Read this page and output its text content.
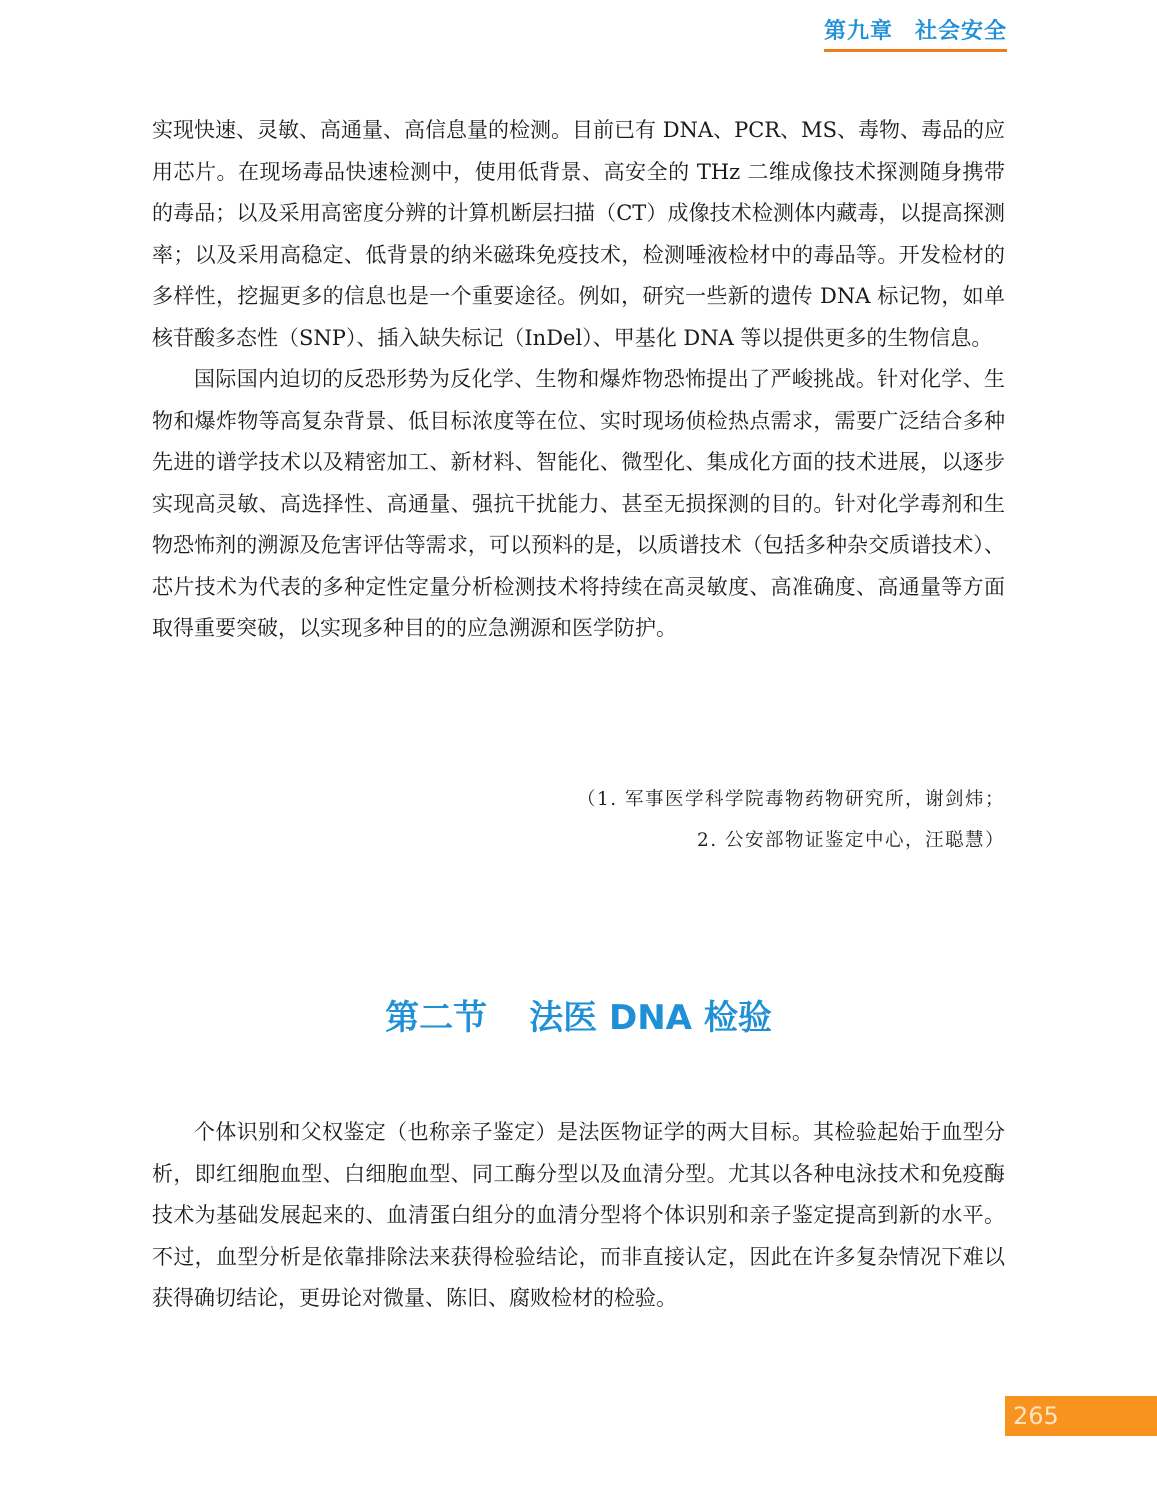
第九章 社会安全

实现快速、灵敏、高通量、高信息量的检测。目前已有 DNA、PCR、MS、毒物、毒品的应用芯片。在现场毒品快速检测中，使用低背景、高安全的 THz 二维成像技术探测随身携带的毒品；以及采用高密度分辨的计算机断层扫描（CT）成像技术检测体内藏毒，以提高探测率；以及采用高稳定、低背景的纳米磁珠免疫技术，检测唾液检材中的毒品等。开发检材的多样性，挖掘更多的信息也是一个重要途径。例如，研究一些新的遗传 DNA 标记物，如单核苷酸多态性（SNP）、插入缺失标记（InDel）、甲基化 DNA 等以提供更多的生物信息。

国际国内迫切的反恐形势为反化学、生物和爆炸物恐怖提出了严峻挑战。针对化学、生物和爆炸物等高复杂背景、低目标浓度等在位、实时现场侦检热点需求，需要广泛结合多种先进的谱学技术以及精密加工、新材料、智能化、微型化、集成化方面的技术进展，以逐步实现高灵敏、高选择性、高通量、强抗干扰能力、甚至无损探测的目的。针对化学毒剂和生物恐怖剂的溯源及危害评估等需求，可以预料的是，以质谱技术（包括多种杂交质谱技术）、芯片技术为代表的多种定性定量分析检测技术将持续在高灵敏度、高准确度、高通量等方面取得重要突破，以实现多种目的的应急溯源和医学防护。

（1. 军事医学科学院毒物药物研究所，谢剑炜；
2. 公安部物证鉴定中心，汪聪慧）
第二节 法医 DNA 检验

个体识别和父权鉴定（也称亲子鉴定）是法医物证学的两大目标。其检验起始于血型分析，即红细胞血型、白细胞血型、同工酶分型以及血清分型。尤其以各种电泳技术和免疫酶技术为基础发展起来的、血清蛋白组分的血清分型将个体识别和亲子鉴定提高到新的水平。不过，血型分析是依靠排除法来获得检验结论，而非直接认定，因此在许多复杂情况下难以获得确切结论，更毋论对微量、陈旧、腐败检材的检验。

265
